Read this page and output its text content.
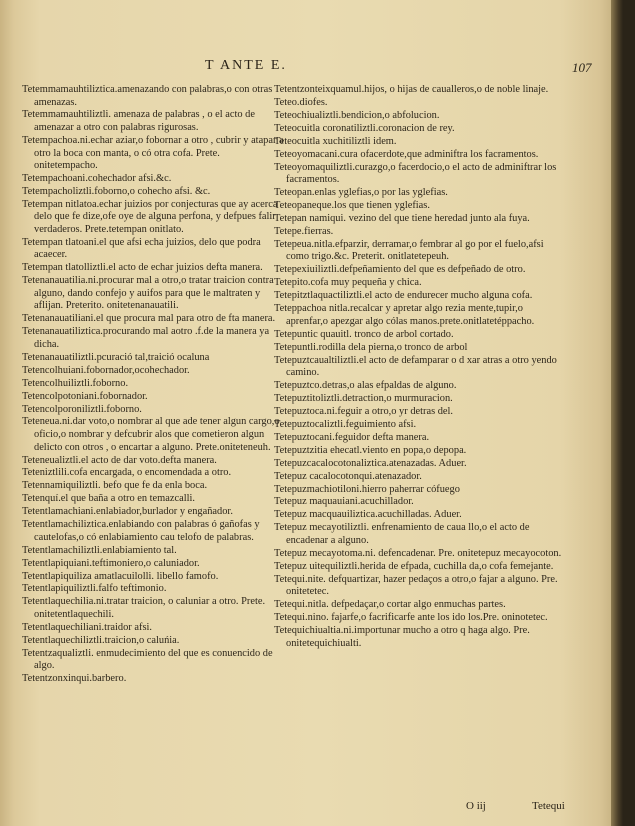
T ANTE E.	107
Tetemmamauhtiliztica.amenazando con palabras,o con otras amenazas.
Tetemmamauhtiliztli. amenaza de palabras , o el acto de amenazar a otro con palabras rigurosas.
Tetempachoa.ni.echar aziar,o fobornar a otro , cubrir y atapar a otro la boca con manta, o có otra cofa. Prete. onitetempacho.
Tetempachoani.cohechador afsi.&c.
Tetempacholiztli.foborno,o cohecho afsi. &c.
Tetempan nitlatoa.echar juizios por conjecturas que ay acerca delo que fe dize,ofe oye de alguna perfona, y defpues falir verdaderos. Prete.tetempan onitlato.
Tetempan tlatoani.el que afsi echa juizios, delo que podra acaecer.
Tetempan tlatolliztli.el acto de echar juizios defta manera.
Tetenanauatilia.ni.procurar mal a otro,o tratar traicion contra alguno, dando confejo y auifos para que le maltraten y aflijan. Preterito. onitetenanauatili.
Tetenanauatiliani.el que procura mal para otro de fta manera.
Tetenanauatiliztica.procurando mal aotro .f.de la manera ya dicha.
Tetenanauatiliztli.pcuració tal,traició ocaluna
Tetencolhuiani.fobornador,ocohechador.
Tetencolhuiliztli.foborno.
Tetencolpotoniani.fobornador.
Tetencolporoniliztli.foborno.
Teteneua.ni.dar voto,o nombrar al que ade tener algun cargo,o oficio,o nombrar y defcubrir alos que cometieron algun delicto con otros , o encartar a alguno. Prete.oniteteneuh.
Teteneualiztli.el acto de dar voto.defta manera.
Teteniztlili.cofa encargada, o encomendada a otro.
Tetennamiquiliztli. befo que fe da enla boca.
Tetenquí.el que baña a otro en temazcalli.
Tetentlamachiani.enlabiador,burlador y engañador.
Tetentlamachiliztica.enlabiando con palabras ó gañofas y cautelofas,o có enlabiamiento cau telofo de palabras.
Tetentlamachiliztli.enlabiamiento tal.
Tetentlapiquiani.teftimoniero,o caluniador.
Tetentlapiquiliza amatlacuilolli. libello famofo.
Tetentlapiquiliztli.falfo teftimonio.
Tetentlaquechilia.ni.tratar traicion, o caluniar a otro. Prete. onitetentlaquechili.
Tetentlaquechiliani.traidor afsi.
Tetentlaquechiliztli.traicion,o caluńia.
Tetentzaqualiztli. enmudecimiento del que es conuencido de algo.
Tetentzonxinqui.barbero.
Tetentzonteixquamul.hijos, o hijas de caualleros,o de noble linaje.
Teteo.diofes.
Teteochiualiztli.bendicion,o abfolucion.
Teteocuitla coronatiliztli.coronacion de rey.
Teteocuitla xuchitiliztli idem.
Teteoyomacani.cura ofacerdote,que adminiftra los facramentos.
Teteoyomaquiliztli.curazgo,o facerdocio,o el acto de adminiftrar los facramentos.
Teteopan.enlas yglefias,o por las yglefias.
Teteopaneque.los que tienen yglefias.
Tetepan namiqui. vezino del que tiene heredad junto ala fuya.
Tetepe.fierras.
Tetepeua.nitla.efparzir, derramar,o fembrar al go por el fuelo,afsi como trigo.&c. Preterit. onitlatetepeuh.
Tetepexiuiliztli.defpeñamiento del que es defpeñado de otro.
Tetepito.cofa muy pequeña y chica.
Tetepitztlaquactiliztli.el acto de endurecer mucho alguna cofa.
Teteppachoa nitla.recalcar y apretar algo rezia mente,tupir,o aprenfar,o apezgar algo cólas manos.prete.onitlatetéppacho.
Tetepuntic quauitl. tronco de arbol cortado.
Tetepuntli.rodilla dela pierna,o tronco de arbol
Tetepuztcaualtiliztli.el acto de defamparar o d xar atras a otro yendo camino.
Tetepuztco.detras,o alas efpaldas de alguno.
Tetepuztitoliztli.detraction,o murmuracion.
Tetepuztoca.ni.feguir a otro,o yr detras del.
Tetepuztocaliztli.feguimiento afsi.
Tetepuztocani.feguidor defta manera.
Tetepuztzitia ehecatl.viento en popa,o depopa.
Tetepuzcacalocotonaliztica.atenazadas. Aduer.
Tetepuz cacalocotonqui.atenazador.
Tetepuzmachiotiloni.hierro paherrar cófuego
Tetepuz maquauiani.acuchillador.
Tetepuz macquauiliztica.acuchilladas. Aduer.
Tetepuz mecayotiliztli. enfrenamiento de caua llo,o el acto de encadenar a alguno.
Tetepuz mecayotoma.ni. defencadenar. Pre. onitetepuz mecayocoton.
Tetepuz uitequiliztli.herida de efpada, cuchilla da,o cofa femejante.
Tetequi.nite. defquartizar, hazer pedaços a otro,o fajar a alguno. Pre. onitetetec.
Tetequi.nitla. defpedaçar,o cortar algo enmuchas partes.
Tetequi.nino. fajarfe,o facrificarfe ante los ido los.Pre. oninotetec.
Tetequichiualtia.ni.importunar mucho a otro q haga algo. Pre. onitetequichiualti.
O iij	Tetequi
